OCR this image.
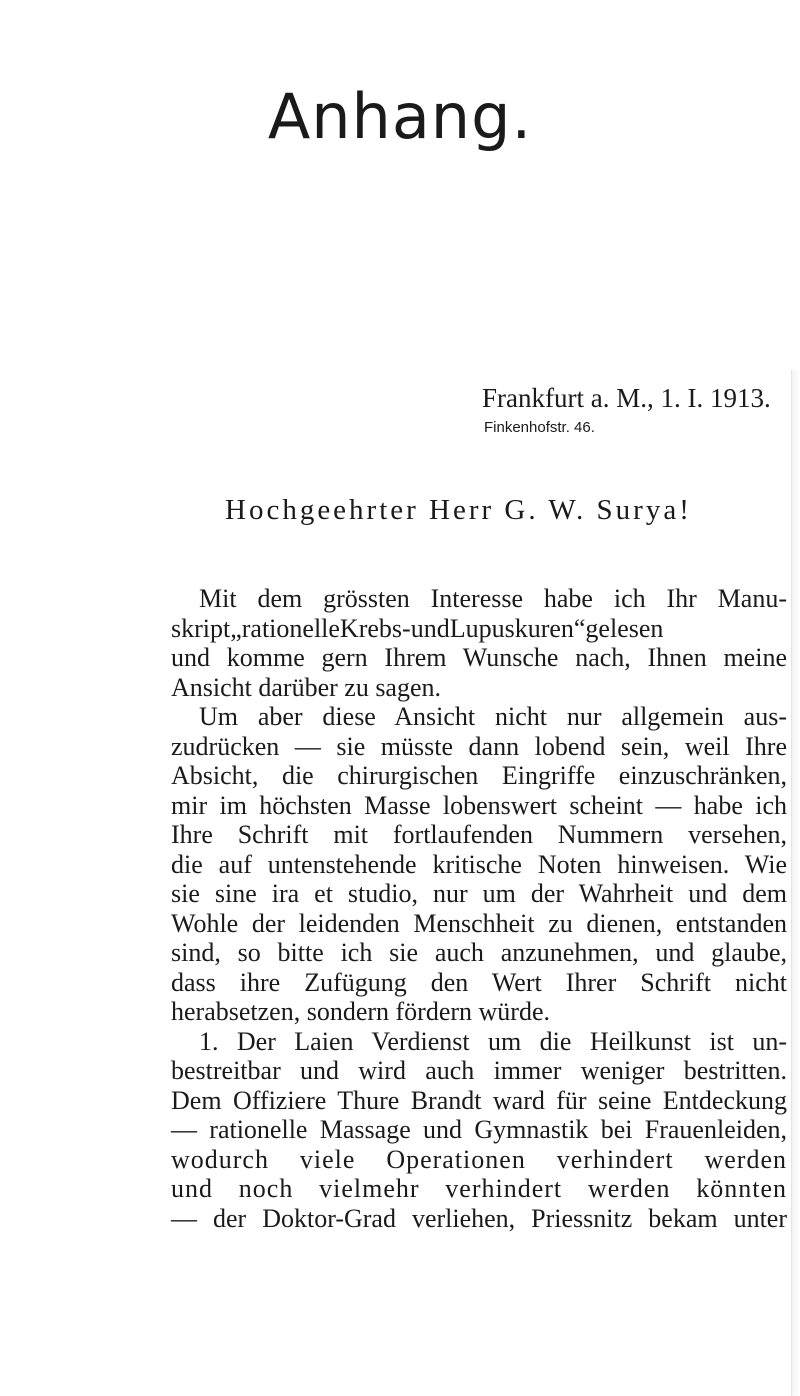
Anhang.

Frankfurt a. M., 1. I. 1913.

Finkenhofstr. 46.

Hochgeehrter Herr G. W. Surya!

Mit dem grössten Interesse habe ich Ihr Manu-
skript„rationelleKrebs-undLupuskuren“gelesen
und komme gern Ihrem Wunsche nach, Ihnen meine
Ansicht darüber zu sagen.
Um aber diese Ansicht nicht nur allgemein aus-
zudrücken — sie müsste dann lobend sein, weil Ihre
Absicht, die chirurgischen Eingriffe einzuschränken,
mir im höchsten Masse lobenswert scheint — habe ich
Ihre Schrift mit fortlaufenden Nummern versehen,
die auf untenstehende kritische Noten hinweisen. Wie
sie sine ira et studio, nur um der Wahrheit und dem
Wohle der leidenden Menschheit zu dienen, entstanden
sind, so bitte ich sie auch anzunehmen, und glaube,
dass ihre Zufügung den Wert Ihrer Schrift nicht
herabsetzen, sondern fördern würde.
1. Der Laien Verdienst um die Heilkunst ist un-
bestreitbar und wird auch immer weniger bestritten.
Dem Offiziere Thure Brandt ward für seine Entdeckung
— rationelle Massage und Gymnastik bei Frauenleiden,
wodurch viele Operationen verhindert werden
und noch vielmehr verhindert werden könnten
— der Doktor-Grad verliehen, Priessnitz bekam unter
